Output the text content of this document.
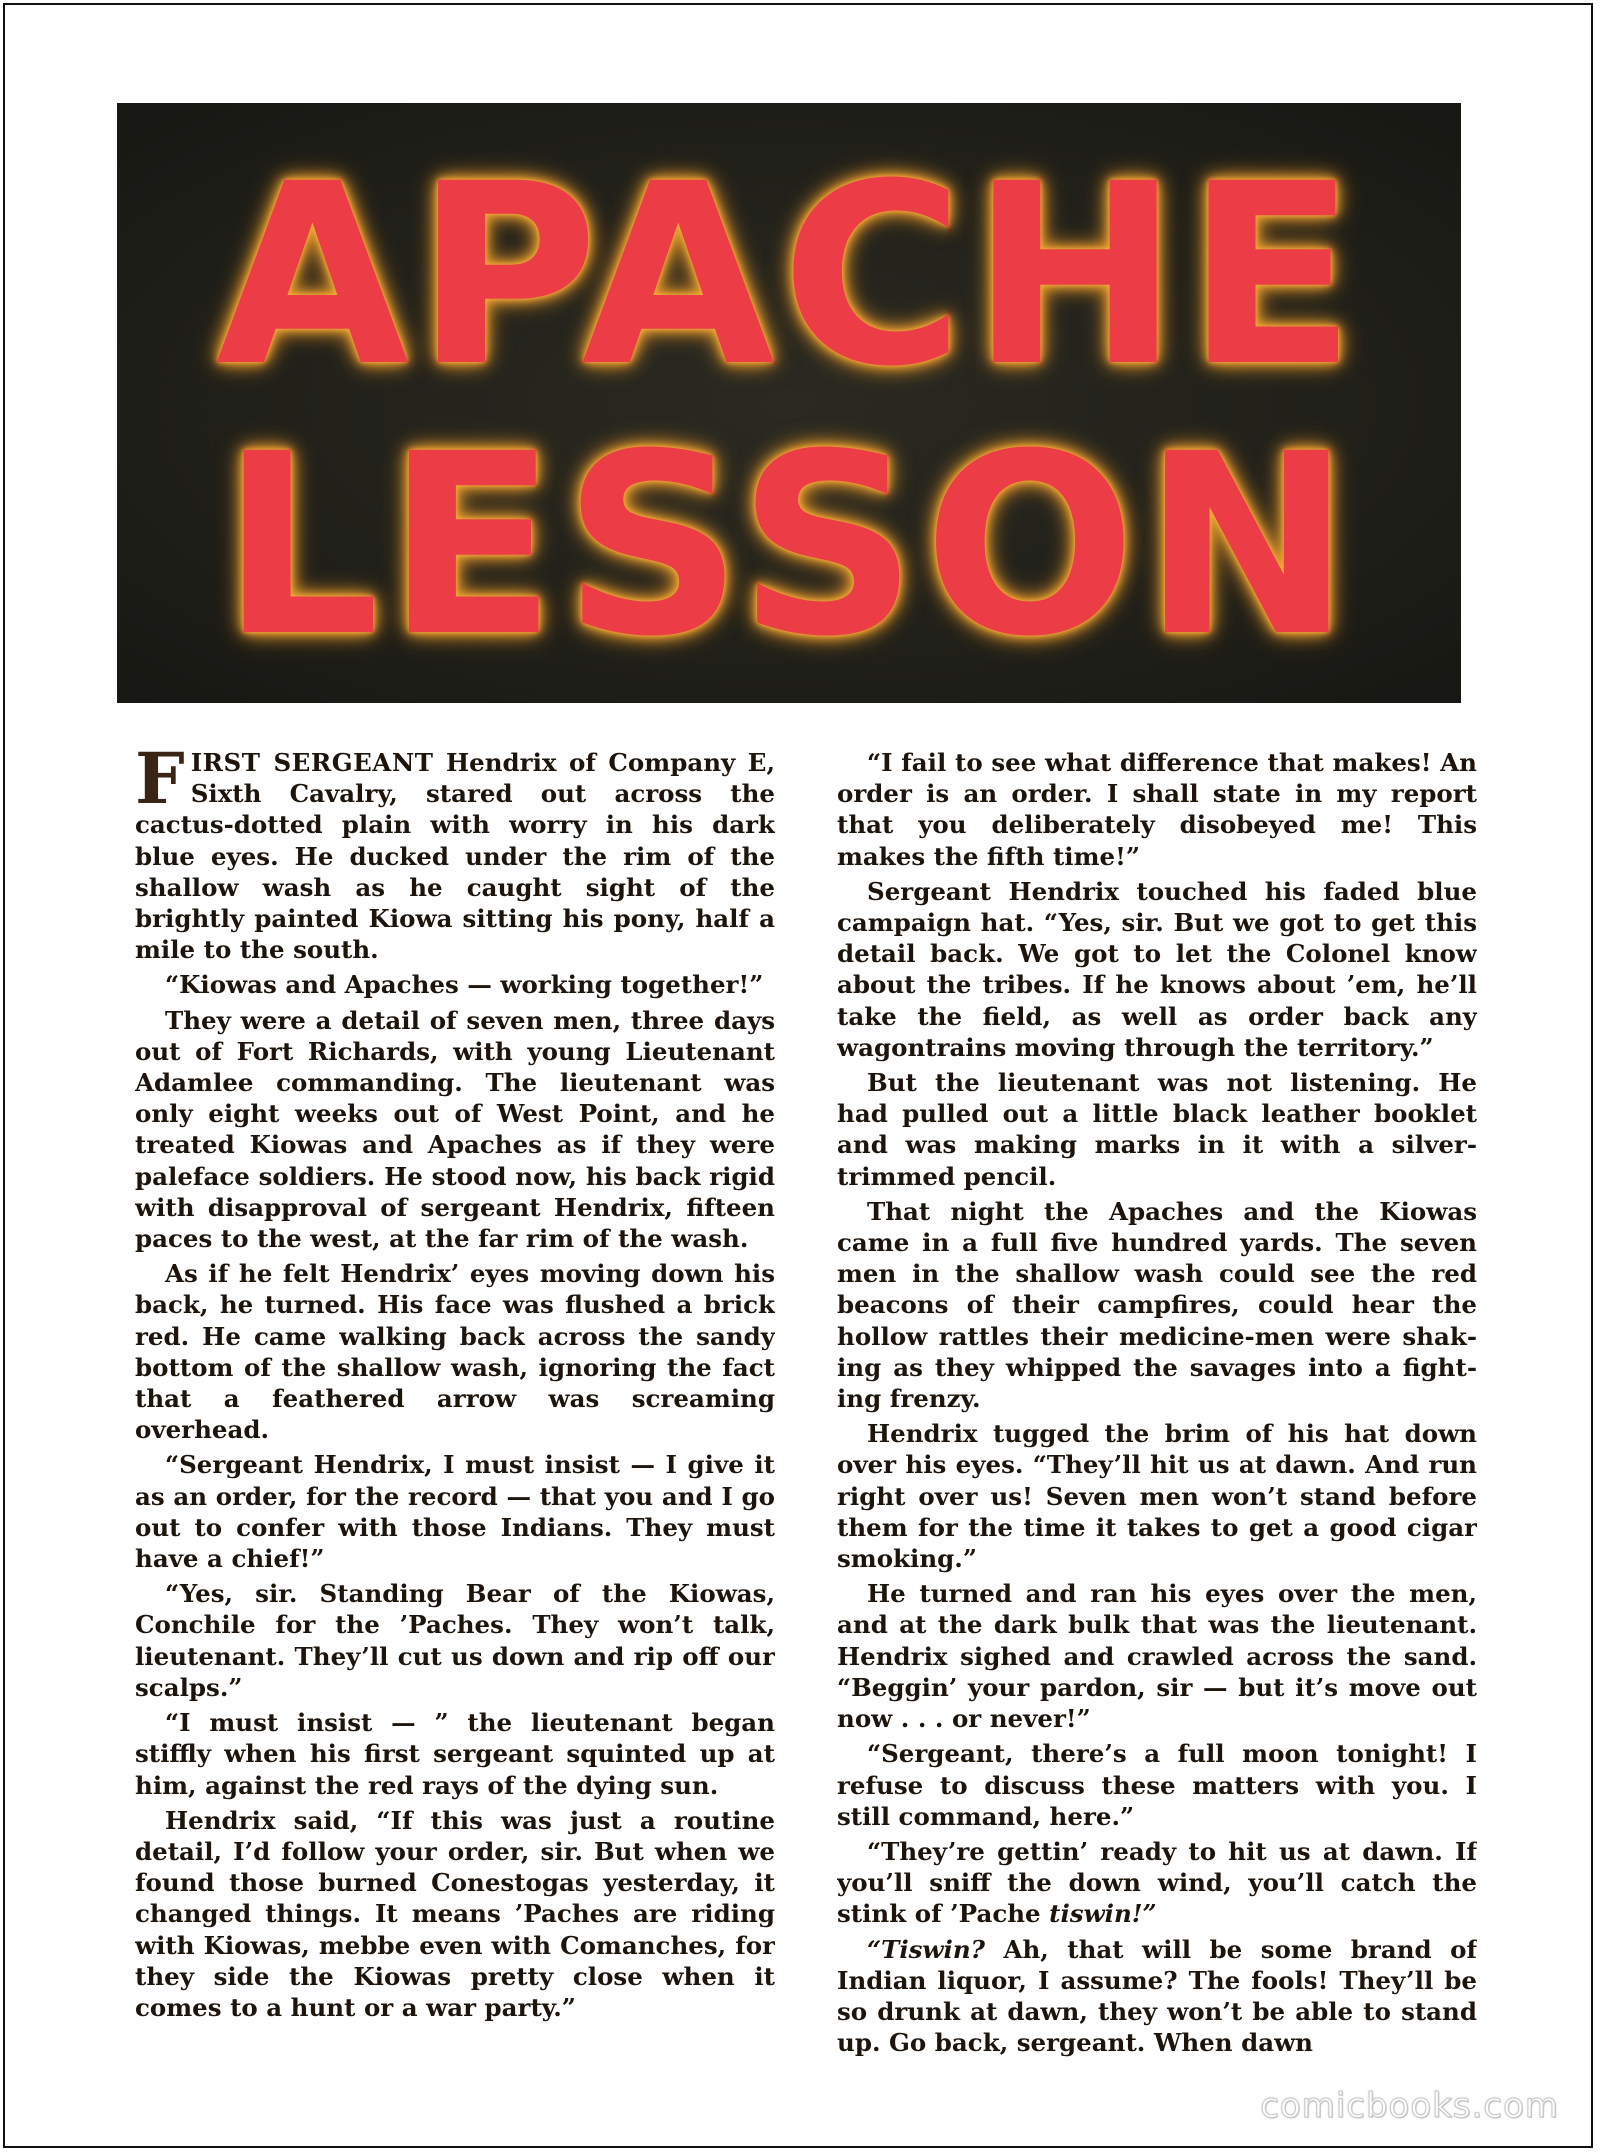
APACHE
LESSON

FIRST SERGEANT Hendrix of Company E, Sixth Cavalry, stared out across the cactus-dotted plain with worry in his dark blue eyes. He ducked under the rim of the shallow wash as he caught sight of the brightly painted Kiowa sitting his pony, half a mile to the south.

“Kiowas and Apaches — working together!”

They were a detail of seven men, three days out of Fort Richards, with young Lieutenant Adamlee commanding. The lieutenant was only eight weeks out of West Point, and he treated Kiowas and Apaches as if they were paleface soldiers. He stood now, his back rigid with disapproval of sergeant Hendrix, fifteen paces to the west, at the far rim of the wash.

As if he felt Hendrix’ eyes moving down his back, he turned. His face was flushed a brick red. He came walking back across the sandy bottom of the shallow wash, ignoring the fact that a feathered arrow was screaming overhead.

“Sergeant Hendrix, I must insist — I give it as an order, for the record — that you and I go out to confer with those Indians. They must have a chief!”

“Yes, sir. Standing Bear of the Kiowas, Conchile for the ’Paches. They won’t talk, lieutenant. They’ll cut us down and rip off our scalps.”

“I must insist — ” the lieutenant began stiffly when his first sergeant squinted up at him, against the red rays of the dying sun.

Hendrix said, “If this was just a routine detail, I’d follow your order, sir. But when we found those burned Conestogas yesterday, it changed things. It means ’Paches are riding with Kiowas, mebbe even with Comanches, for they side the Kiowas pretty close when it comes to a hunt or a war party.”

“I fail to see what difference that makes! An order is an order. I shall state in my report that you deliberately disobeyed me! This makes the fifth time!”

Sergeant Hendrix touched his faded blue campaign hat. “Yes, sir. But we got to get this detail back. We got to let the Colonel know about the tribes. If he knows about ’em, he’ll take the field, as well as order back any wagontrains moving through the territory.”

But the lieutenant was not listening. He had pulled out a little black leather booklet and was making marks in it with a silver-trimmed pencil.

That night the Apaches and the Kiowas came in a full five hundred yards. The seven men in the shallow wash could see the red beacons of their campfires, could hear the hollow rattles their medicine-men were shaking as they whipped the savages into a fighting frenzy.

Hendrix tugged the brim of his hat down over his eyes. “They’ll hit us at dawn. And run right over us! Seven men won’t stand before them for the time it takes to get a good cigar smoking.”

He turned and ran his eyes over the men, and at the dark bulk that was the lieutenant. Hendrix sighed and crawled across the sand. “Beggin’ your pardon, sir — but it’s move out now . . . or never!”

“Sergeant, there’s a full moon tonight! I refuse to discuss these matters with you. I still command, here.”

“They’re gettin’ ready to hit us at dawn. If you’ll sniff the down wind, you’ll catch the stink of ’Pache tiswin!”

“Tiswin? Ah, that will be some brand of Indian liquor, I assume? The fools! They’ll be so drunk at dawn, they won’t be able to stand up. Go back, sergeant. When dawn

comicbooks.com
